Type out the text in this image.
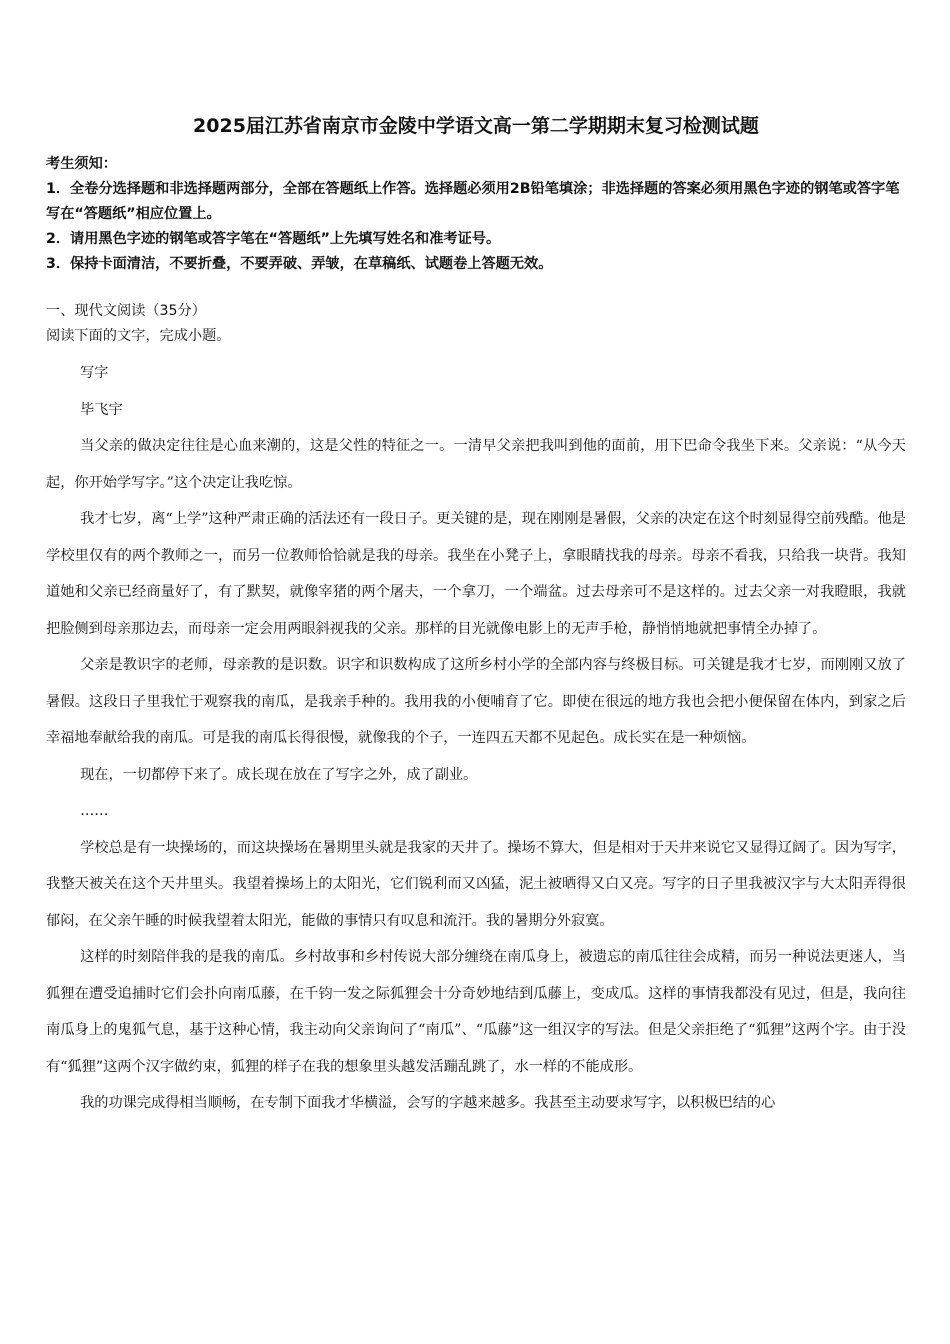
2025届江苏省南京市金陵中学语文高一第二学期期末复习检测试题

考生须知：

1．全卷分选择题和非选择题两部分，全部在答题纸上作答。选择题必须用2B铅笔填涂；非选择题的答案必须用黑色字迹的钢笔或答字笔写在“答题纸”相应位置上。

2．请用黑色字迹的钢笔或答字笔在“答题纸”上先填写姓名和准考证号。

3．保持卡面清洁，不要折叠，不要弄破、弄皱，在草稿纸、试题卷上答题无效。

一、现代文阅读（35分）
阅读下面的文字，完成小题。

写字

毕飞宇

当父亲的做决定往往是心血来潮的，这是父性的特征之一。一清早父亲把我叫到他的面前，用下巴命令我坐下来。父亲说：“从今天起，你开始学写字。”这个决定让我吃惊。

我才七岁，离“上学”这种严肃正确的活法还有一段日子。更关键的是，现在刚刚是暑假，父亲的决定在这个时刻显得空前残酷。他是学校里仅有的两个教师之一，而另一位教师恰恰就是我的母亲。我坐在小凳子上，拿眼睛找我的母亲。母亲不看我，只给我一块背。我知道她和父亲已经商量好了，有了默契，就像宰猪的两个屠夫，一个拿刀，一个端盆。过去母亲可不是这样的。过去父亲一对我瞪眼，我就把脸侧到母亲那边去，而母亲一定会用两眼斜视我的父亲。那样的目光就像电影上的无声手枪，静悄悄地就把事情全办掉了。

父亲是教识字的老师，母亲教的是识数。识字和识数构成了这所乡村小学的全部内容与终极目标。可关键是我才七岁，而刚刚又放了暑假。这段日子里我忙于观察我的南瓜，是我亲手种的。我用我的小便哺育了它。即使在很远的地方我也会把小便保留在体内，到家之后幸福地奉献给我的南瓜。可是我的南瓜长得很慢，就像我的个子，一连四五天都不见起色。成长实在是一种烦恼。

现在，一切都停下来了。成长现在放在了写字之外，成了副业。

……

学校总是有一块操场的，而这块操场在暑期里头就是我家的天井了。操场不算大，但是相对于天井来说它又显得辽阔了。因为写字，我整天被关在这个天井里头。我望着操场上的太阳光，它们锐利而又凶猛，泥土被晒得又白又亮。写字的日子里我被汉字与大太阳弄得很郁闷，在父亲午睡的时候我望着太阳光，能做的事情只有叹息和流汗。我的暑期分外寂寞。

这样的时刻陪伴我的是我的南瓜。乡村故事和乡村传说大部分缠绕在南瓜身上，被遗忘的南瓜往往会成精，而另一种说法更迷人，当狐狸在遭受追捕时它们会扑向南瓜藤，在千钧一发之际狐狸会十分奇妙地结到瓜藤上，变成瓜。这样的事情我都没有见过，但是，我向往南瓜身上的鬼狐气息，基于这种心情，我主动向父亲询问了“南瓜”、“瓜藤”这一组汉字的写法。但是父亲拒绝了“狐狸”这两个字。由于没有“狐狸”这两个汉字做约束，狐狸的样子在我的想象里头越发活蹦乱跳了，水一样的不能成形。

我的功课完成得相当顺畅，在专制下面我才华横溢，会写的字越来越多。我甚至主动要求写字，以积极巴结的心
